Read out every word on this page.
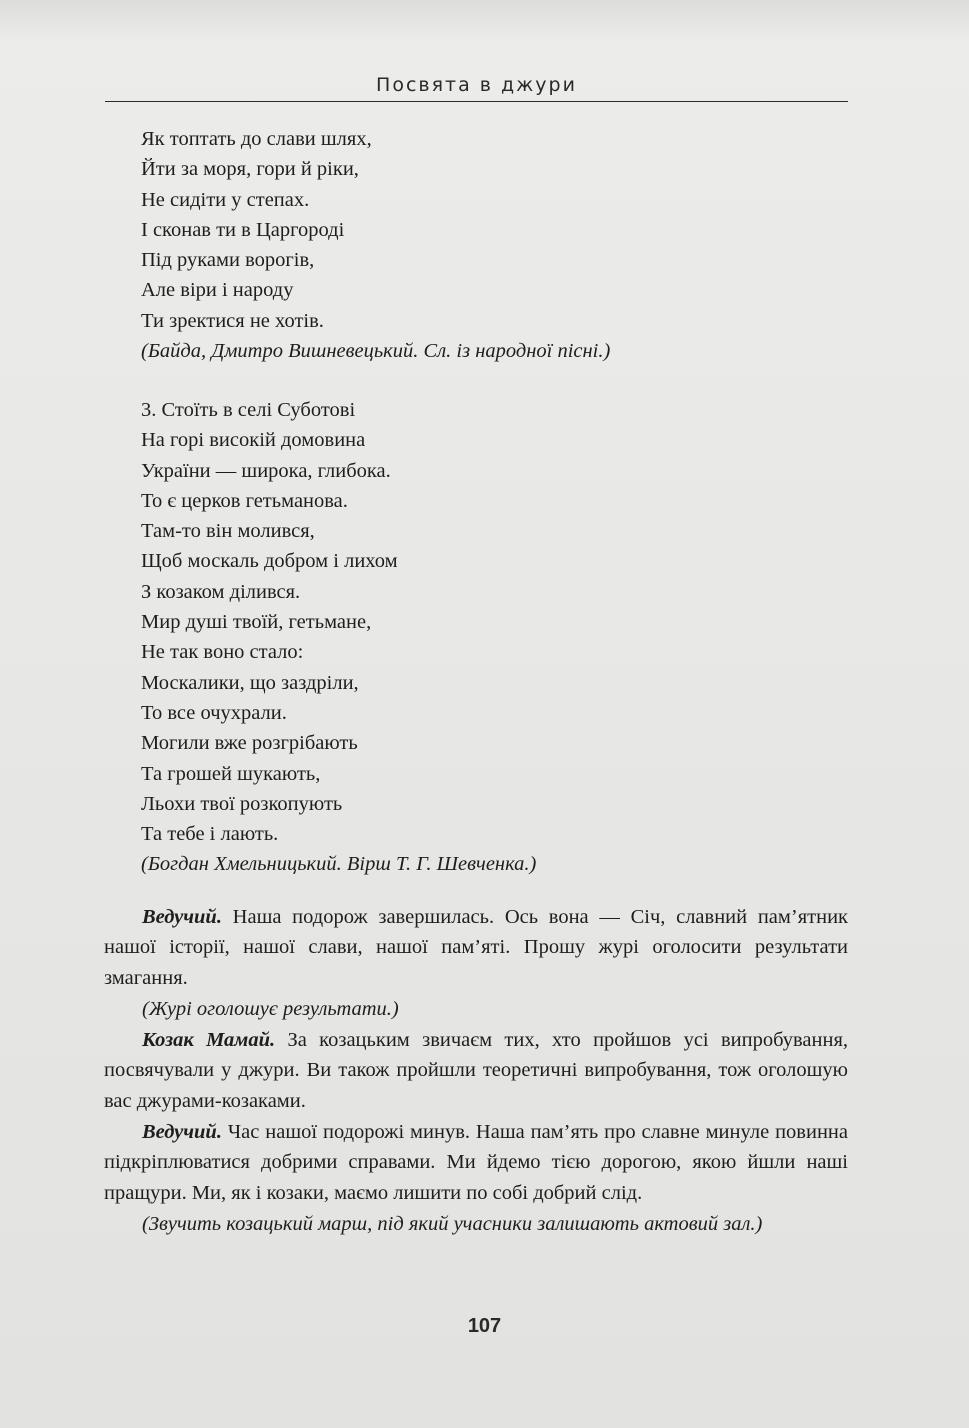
Посвята в джури
Як топтать до слави шлях,
Йти за моря, гори й ріки,
Не сидіти у степах.
І сконав ти в Царгороді
Під руками ворогів,
Але віри і народу
Ти зректися не хотів.
(Байда, Дмитро Вишневецький. Сл. із народної пісні.)
3. Стоїть в селі Суботові
На горі високій домовина
України — широка, глибока.
То є церков гетьманова.
Там-то він молився,
Щоб москаль добром і лихом
З козаком ділився.
Мир душі твоїй, гетьмане,
Не так воно стало:
Москалики, що заздріли,
То все очухрали.
Могили вже розгрібають
Та грошей шукають,
Льохи твої розкопують
Та тебе і лають.
(Богдан Хмельницький. Вірш Т. Г. Шевченка.)

Ведучий. Наша подорож завершилась. Ось вона — Січ, славний пам’ятник нашої історії, нашої слави, нашої пам’яті. Прошу журі оголосити результати змагання.

(Журі оголошує результати.)

Козак Мамай. За козацьким звичаєм тих, хто пройшов усі випробування, посвячували у джури. Ви також пройшли теоретичні випробування, тож оголошую вас джурами-козаками.

Ведучий. Час нашої подорожі минув. Наша пам’ять про славне минуле повинна підкріплюватися добрими справами. Ми йдемо тією дорогою, якою йшли наші пращури. Ми, як і козаки, маємо лишити по собі добрий слід.

(Звучить козацький марш, під який учасники залишають актовий зал.)

107
